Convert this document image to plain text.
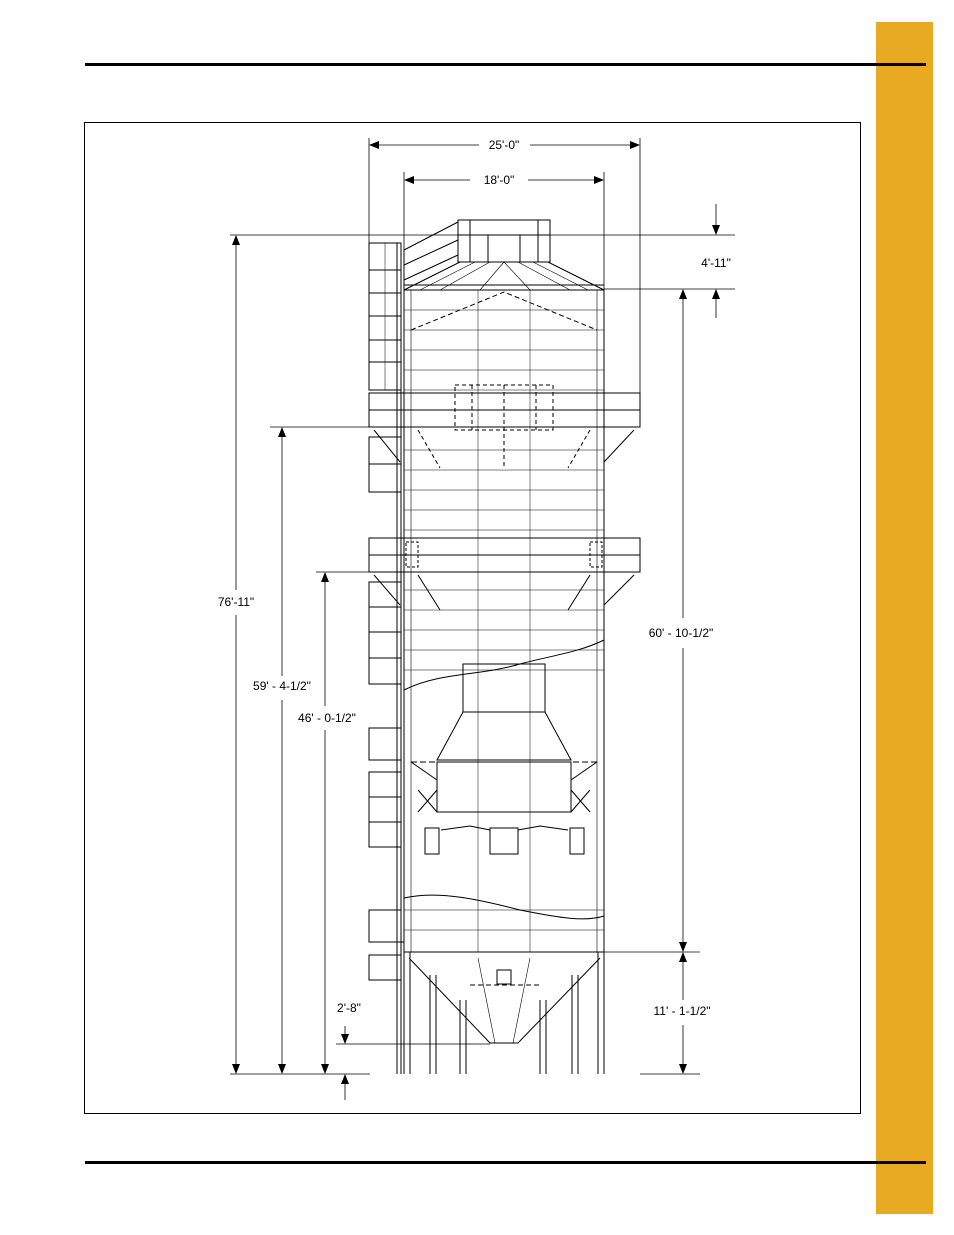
25'-0"
18'-0"
4'-11"
60' - 10-1/2"
11' - 1-1/2"
2'-8"
76'-11"
59' - 4-1/2"
46' - 0-1/2"
